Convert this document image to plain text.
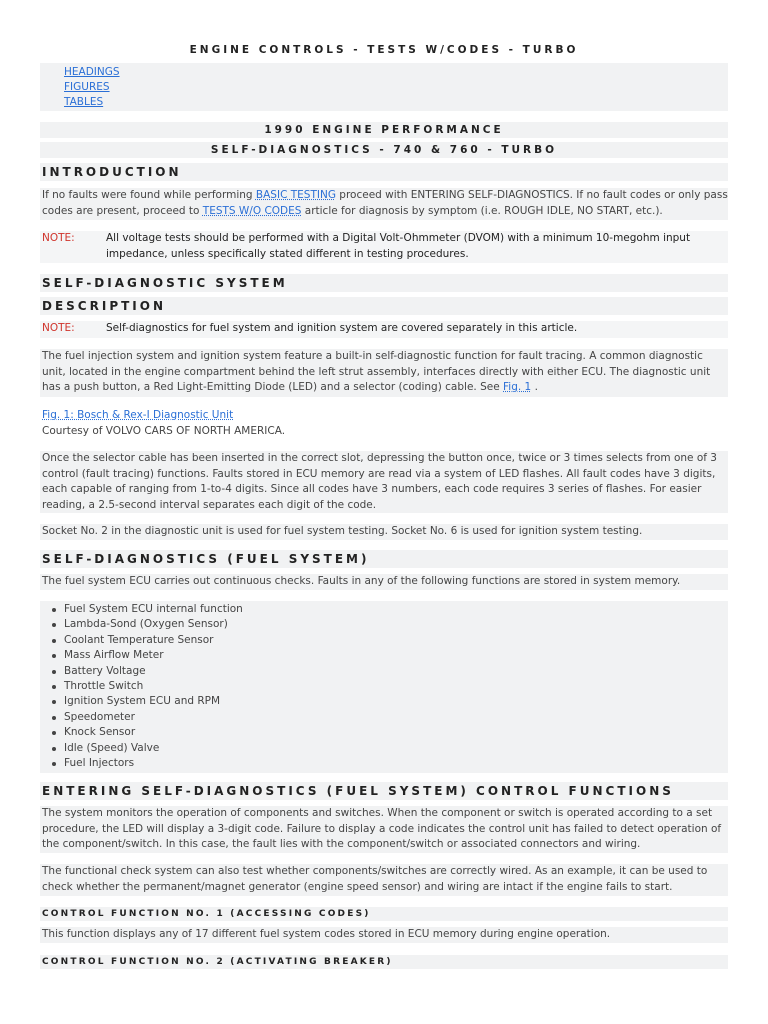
ENGINE CONTROLS - TESTS W/CODES - TURBO
HEADINGS
FIGURES
TABLES
1990 ENGINE PERFORMANCE
SELF-DIAGNOSTICS - 740 & 760 - TURBO
INTRODUCTION
If no faults were found while performing BASIC TESTING proceed with ENTERING SELF-DIAGNOSTICS. If no fault codes or only pass codes are present, proceed to TESTS W/O CODES article for diagnosis by symptom (i.e. ROUGH IDLE, NO START, etc.).
NOTE:	All voltage tests should be performed with a Digital Volt-Ohmmeter (DVOM) with a minimum 10-megohm input impedance, unless specifically stated different in testing procedures.
SELF-DIAGNOSTIC SYSTEM
DESCRIPTION
NOTE:	Self-diagnostics for fuel system and ignition system are covered separately in this article.
The fuel injection system and ignition system feature a built-in self-diagnostic function for fault tracing. A common diagnostic unit, located in the engine compartment behind the left strut assembly, interfaces directly with either ECU. The diagnostic unit has a push button, a Red Light-Emitting Diode (LED) and a selector (coding) cable. See Fig. 1 .
Fig. 1: Bosch & Rex-I Diagnostic Unit
Courtesy of VOLVO CARS OF NORTH AMERICA.
Once the selector cable has been inserted in the correct slot, depressing the button once, twice or 3 times selects from one of 3 control (fault tracing) functions. Faults stored in ECU memory are read via a system of LED flashes. All fault codes have 3 digits, each capable of ranging from 1-to-4 digits. Since all codes have 3 numbers, each code requires 3 series of flashes. For easier reading, a 2.5-second interval separates each digit of the code.
Socket No. 2 in the diagnostic unit is used for fuel system testing. Socket No. 6 is used for ignition system testing.
SELF-DIAGNOSTICS (FUEL SYSTEM)
The fuel system ECU carries out continuous checks. Faults in any of the following functions are stored in system memory.
Fuel System ECU internal function
Lambda-Sond (Oxygen Sensor)
Coolant Temperature Sensor
Mass Airflow Meter
Battery Voltage
Throttle Switch
Ignition System ECU and RPM
Speedometer
Knock Sensor
Idle (Speed) Valve
Fuel Injectors
ENTERING SELF-DIAGNOSTICS (FUEL SYSTEM) CONTROL FUNCTIONS
The system monitors the operation of components and switches. When the component or switch is operated according to a set procedure, the LED will display a 3-digit code. Failure to display a code indicates the control unit has failed to detect operation of the component/switch. In this case, the fault lies with the component/switch or associated connectors and wiring.
The functional check system can also test whether components/switches are correctly wired. As an example, it can be used to check whether the permanent/magnet generator (engine speed sensor) and wiring are intact if the engine fails to start.
CONTROL FUNCTION NO. 1 (ACCESSING CODES)
This function displays any of 17 different fuel system codes stored in ECU memory during engine operation.
CONTROL FUNCTION NO. 2 (ACTIVATING BREAKER)
